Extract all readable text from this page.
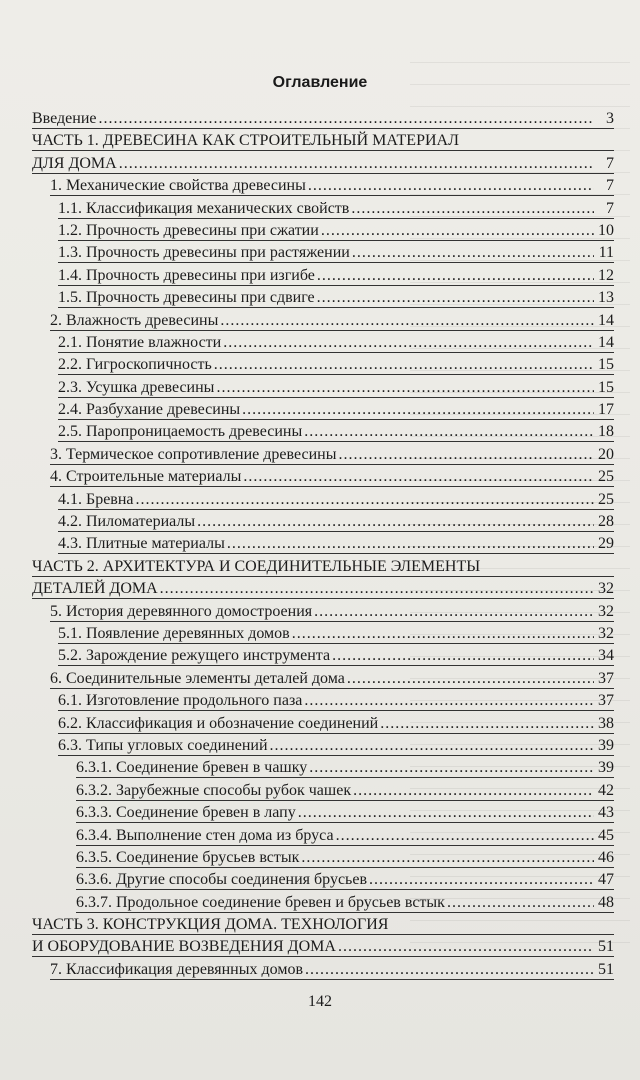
Оглавление
Введение .....	3
ЧАСТЬ 1. ДРЕВЕСИНА КАК СТРОИТЕЛЬНЫЙ МАТЕРИАЛ
ДЛЯ ДОМА .....	7
1. Механические свойства древесины .....	7
1.1. Классификация механических свойств .....	7
1.2. Прочность древесины при сжатии .....	10
1.3. Прочность древесины при растяжении .....	11
1.4. Прочность древесины при изгибе .....	12
1.5. Прочность древесины при сдвиге .....	13
2. Влажность древесины .....	14
2.1. Понятие влажности .....	14
2.2. Гигроскопичность .....	15
2.3. Усушка древесины .....	15
2.4. Разбухание древесины .....	17
2.5. Паропроницаемость древесины .....	18
3. Термическое сопротивление древесины .....	20
4. Строительные материалы .....	25
4.1. Бревна .....	25
4.2. Пиломатериалы .....	28
4.3. Плитные материалы .....	29
ЧАСТЬ 2. АРХИТЕКТУРА И СОЕДИНИТЕЛЬНЫЕ ЭЛЕМЕНТЫ
ДЕТАЛЕЙ ДОМА .....	32
5. История деревянного домостроения .....	32
5.1. Появление деревянных домов .....	32
5.2. Зарождение режущего инструмента .....	34
6. Соединительные элементы деталей дома .....	37
6.1. Изготовление продольного паза .....	37
6.2. Классификация и обозначение соединений .....	38
6.3. Типы угловых соединений .....	39
6.3.1. Соединение бревен в чашку .....	39
6.3.2. Зарубежные способы рубок чашек .....	42
6.3.3. Соединение бревен в лапу .....	43
6.3.4. Выполнение стен дома из бруса .....	45
6.3.5. Соединение брусьев встык .....	46
6.3.6. Другие способы соединения брусьев .....	47
6.3.7. Продольное соединение бревен и брусьев встык .....	48
ЧАСТЬ 3. КОНСТРУКЦИЯ ДОМА. ТЕХНОЛОГИЯ
И ОБОРУДОВАНИЕ ВОЗВЕДЕНИЯ ДОМА .....	51
7. Классификация деревянных домов .....	51
142
